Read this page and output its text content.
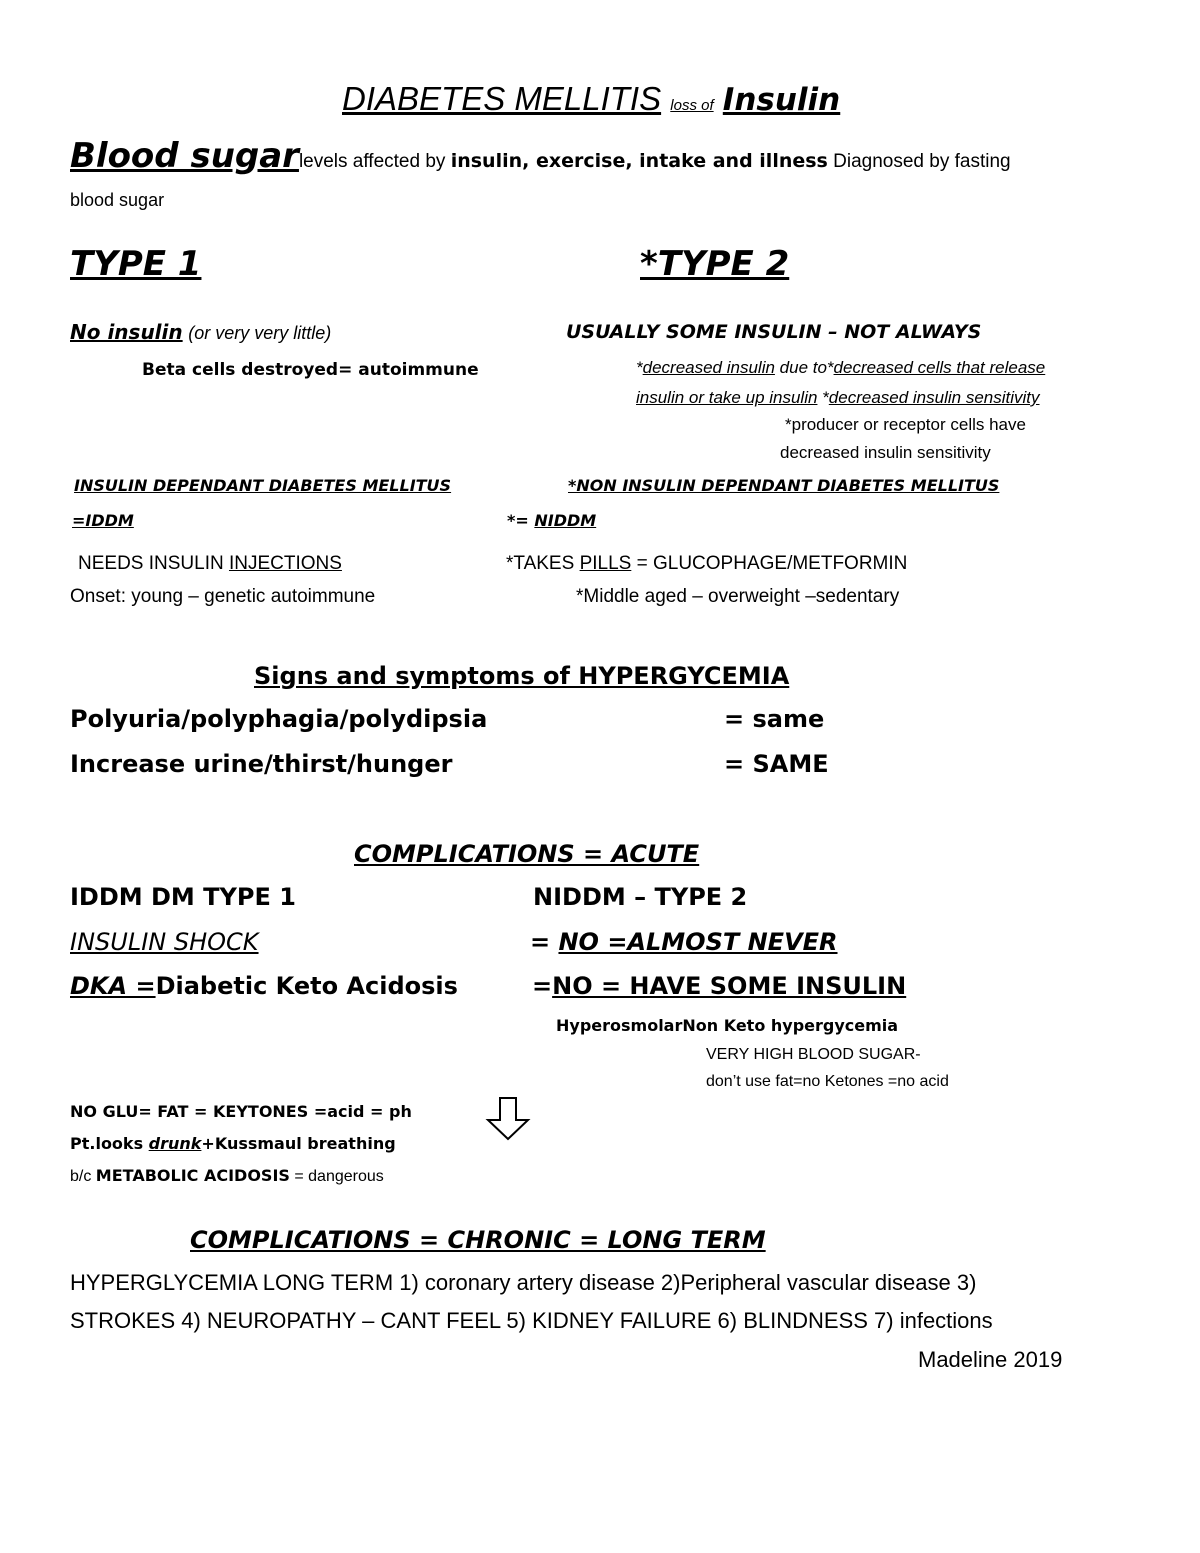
DIABETES MELLITIS loss of Insulin
Blood sugarlevels affected by insulin, exercise, intake and illness Diagnosed by fasting
blood sugar
TYPE 1	*TYPE 2
No insulin (or very very little)
Beta cells destroyed= autoimmune
USUALLY SOME INSULIN – NOT ALWAYS
*decreased insulin due to*decreased cells that release
insulin or take up insulin *decreased insulin sensitivity
*producer or receptor cells have
decreased insulin sensitivity
INSULIN DEPENDANT DIABETES MELLITUS	*NON INSULIN DEPENDANT DIABETES MELLITUS
=IDDM	*= NIDDM
NEEDS INSULIN INJECTIONS	*TAKES PILLS = GLUCOPHAGE/METFORMIN
Onset: young – genetic autoimmune	*Middle aged – overweight –sedentary
Signs and symptoms of HYPERGYCEMIA
Polyuria/polyphagia/polydipsia	= same
Increase urine/thirst/hunger	= SAME
COMPLICATIONS = ACUTE
IDDM DM TYPE 1	NIDDM – TYPE 2
INSULIN SHOCK	= NO =ALMOST NEVER
DKA =Diabetic Keto Acidosis	=NO = HAVE SOME INSULIN
HyperosmolarNon Keto hypergycemia
VERY HIGH BLOOD SUGAR-
don’t use fat=no Ketones =no acid
NO GLU= FAT = KEYTONES =acid = ph
Pt.looks drunk+Kussmaul breathing
b/c METABOLIC ACIDOSIS = dangerous
COMPLICATIONS = CHRONIC = LONG TERM
HYPERGLYCEMIA LONG TERM 1) coronary artery disease 2)Peripheral vascular disease 3)
STROKES 4) NEUROPATHY – CANT FEEL 5) KIDNEY FAILURE 6) BLINDNESS 7) infections
Madeline 2019
